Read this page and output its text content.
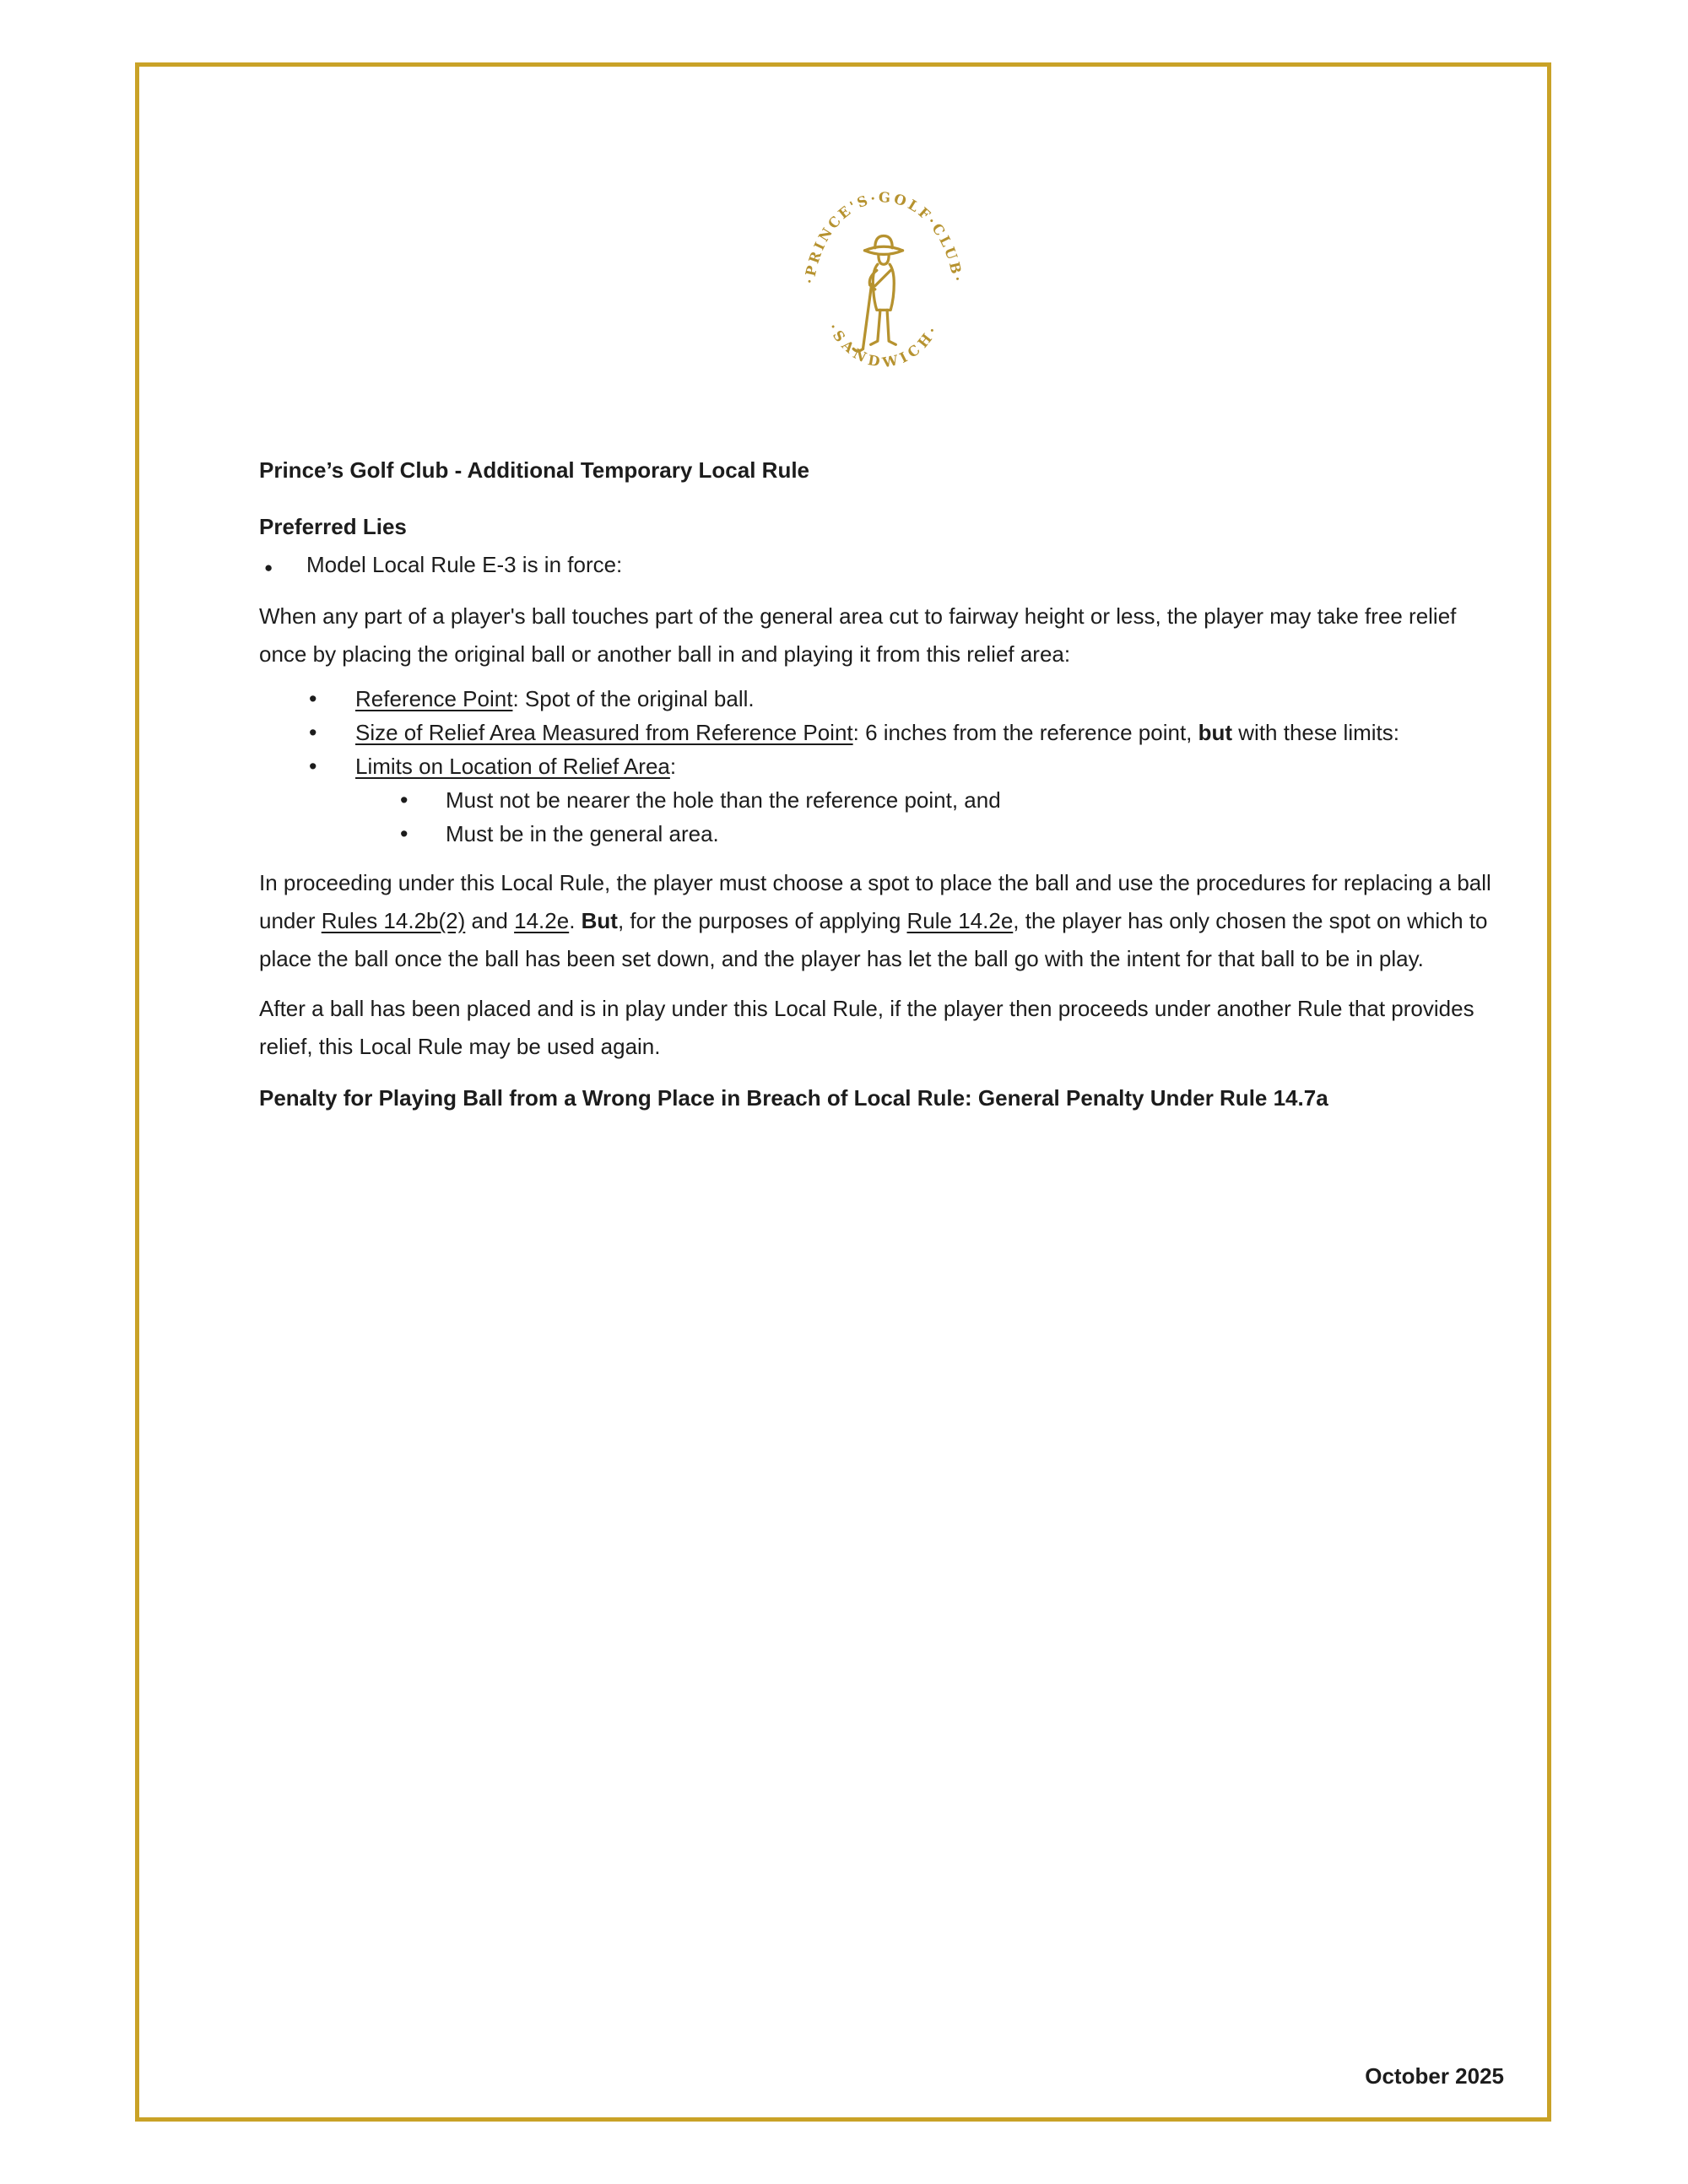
·PRINCE'S·GOLF·CLUB·
·SANDWICH·

Prince’s Golf Club - Additional Temporary Local Rule

Preferred Lies

●
Model Local Rule E-3 is in force:

When any part of a player's ball touches part of the general area cut to fairway height or less, the player may take free relief once by placing the original ball or another ball in and playing it from this relief area:

•
Reference Point: Spot of the original ball.
•
Size of Relief Area Measured from Reference Point: 6 inches from the reference point, but with these limits:
•
Limits on Location of Relief Area:
•
Must not be nearer the hole than the reference point, and
•
Must be in the general area.

In proceeding under this Local Rule, the player must choose a spot to place the ball and use the procedures for replacing a ball under Rules 14.2b(2) and 14.2e. But, for the purposes of applying Rule 14.2e, the player has only chosen the spot on which to place the ball once the ball has been set down, and the player has let the ball go with the intent for that ball to be in play.

After a ball has been placed and is in play under this Local Rule, if the player then proceeds under another Rule that provides relief, this Local Rule may be used again.

Penalty for Playing Ball from a Wrong Place in Breach of Local Rule: General Penalty Under Rule 14.7a

October 2025
